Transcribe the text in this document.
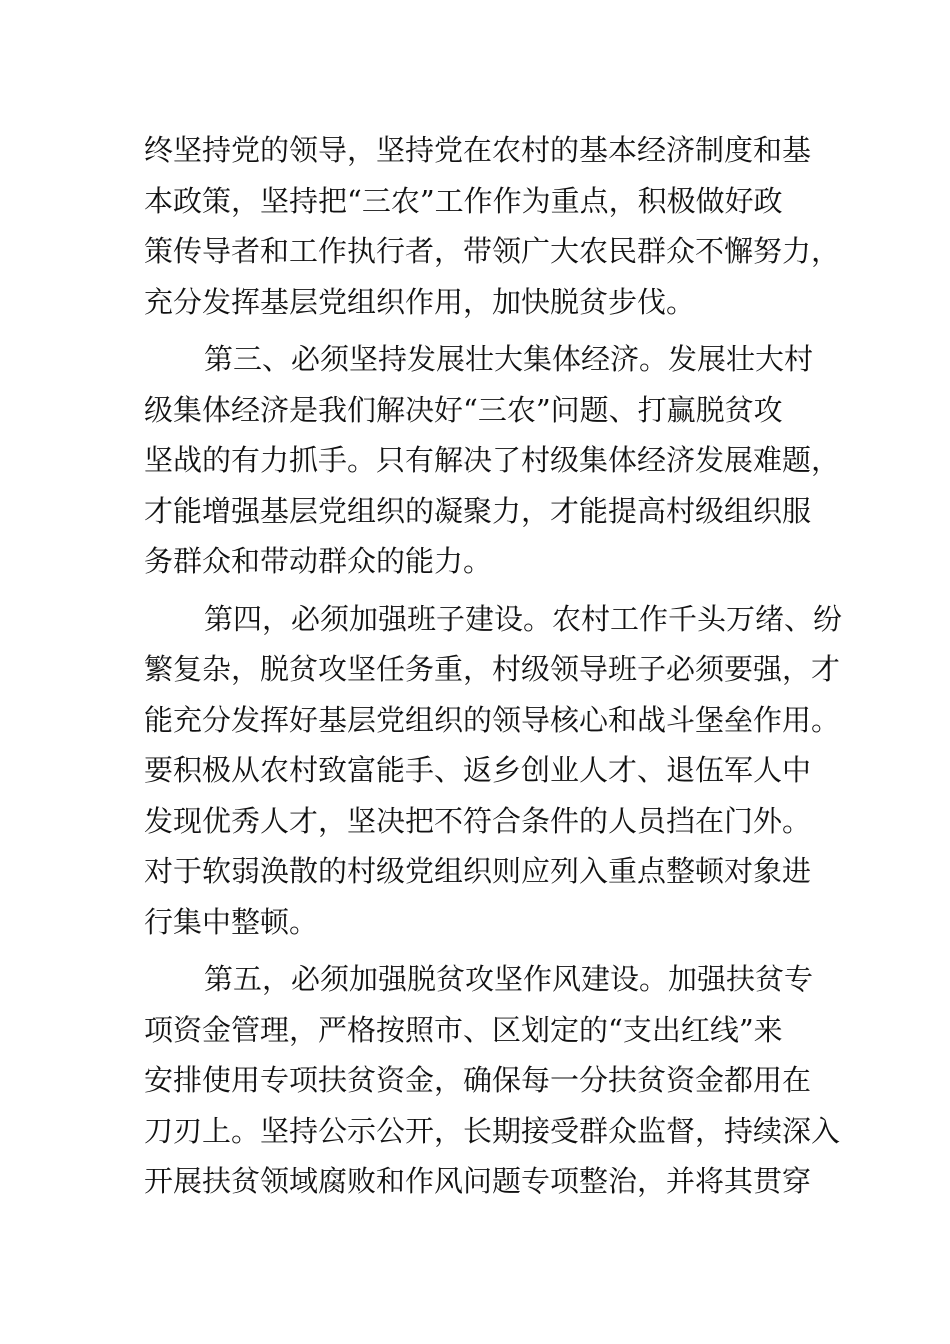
终坚持党的领导，坚持党在农村的基本经济制度和基
本政策，坚持把“三农”工作作为重点，积极做好政
策传导者和工作执行者，带领广大农民群众不懈努力，
充分发挥基层党组织作用，加快脱贫步伐。
第三、必须坚持发展壮大集体经济。发展壮大村
级集体经济是我们解决好“三农”问题、打赢脱贫攻
坚战的有力抓手。只有解决了村级集体经济发展难题，
才能增强基层党组织的凝聚力，才能提高村级组织服
务群众和带动群众的能力。
第四，必须加强班子建设。农村工作千头万绪、纷
繁复杂，脱贫攻坚任务重，村级领导班子必须要强，才
能充分发挥好基层党组织的领导核心和战斗堡垒作用。
要积极从农村致富能手、返乡创业人才、退伍军人中
发现优秀人才，坚决把不符合条件的人员挡在门外。
对于软弱涣散的村级党组织则应列入重点整顿对象进
行集中整顿。
第五，必须加强脱贫攻坚作风建设。加强扶贫专
项资金管理，严格按照市、区划定的“支出红线”来
安排使用专项扶贫资金，确保每一分扶贫资金都用在
刀刃上。坚持公示公开，长期接受群众监督，持续深入
开展扶贫领域腐败和作风问题专项整治，并将其贯穿
